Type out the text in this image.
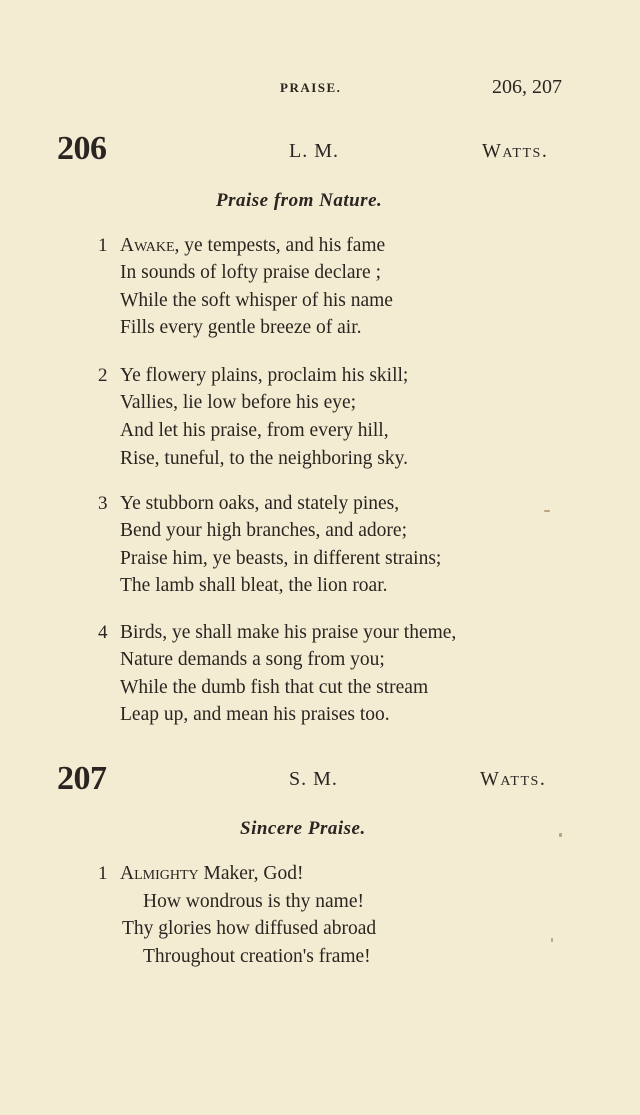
PRAISE.	206, 207
206	L. M.	Watts.
Praise from Nature.
1 Awake, ye tempests, and his fame
In sounds of lofty praise declare ;
While the soft whisper of his name
Fills every gentle breeze of air.
2 Ye flowery plains, proclaim his skill;
Vallies, lie low before his eye;
And let his praise, from every hill,
Rise, tuneful, to the neighboring sky.
3 Ye stubborn oaks, and stately pines,
Bend your high branches, and adore;
Praise him, ye beasts, in different strains;
The lamb shall bleat, the lion roar.
4 Birds, ye shall make his praise your theme,
Nature demands a song from you;
While the dumb fish that cut the stream
Leap up, and mean his praises too.
207	S. M.	Watts.
Sincere Praise.
1 Almighty Maker, God!
How wondrous is thy name!
Thy glories how diffused abroad
Throughout creation's frame!
